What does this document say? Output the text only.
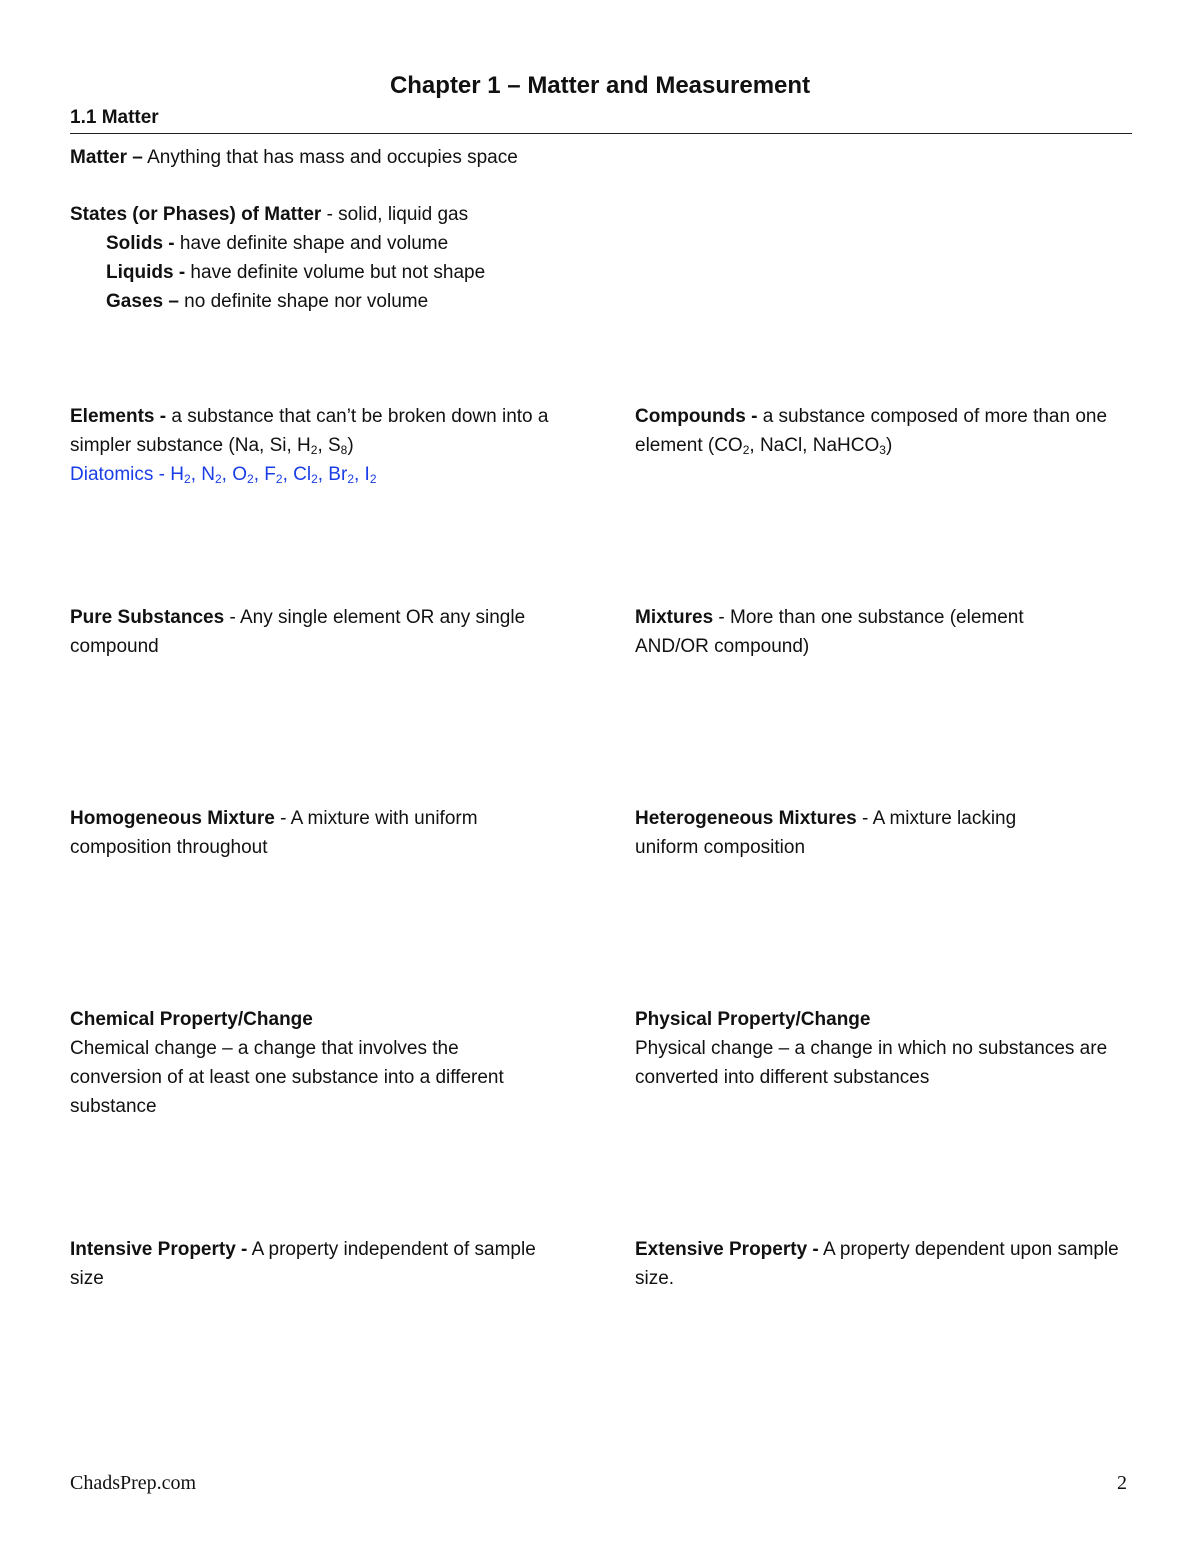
Chapter 1 – Matter and Measurement
1.1 Matter
Matter – Anything that has mass and occupies space
States (or Phases) of Matter - solid, liquid gas
Solids - have definite shape and volume
Liquids - have definite volume but not shape
Gases – no definite shape nor volume
Elements - a substance that can’t be broken down into a simpler substance (Na, Si, $H_2$, $S_8$)
Diatomics - $H_2$, $N_2$, $O_2$, $F_2$, $Cl_2$, $Br_2$, $I_2$
Compounds - a substance composed of more than one element ($CO_2$, NaCl, NaHCO$_3$)
Pure Substances - Any single element OR any single compound
Mixtures - More than one substance (element AND/OR compound)
Homogeneous Mixture - A mixture with uniform composition throughout
Heterogeneous Mixtures - A mixture lacking uniform composition
Chemical Property/Change
Chemical change – a change that involves the conversion of at least one substance into a different substance
Physical Property/Change
Physical change – a change in which no substances are converted into different substances
Intensive Property - A property independent of sample size
Extensive Property - A property dependent upon sample size.
ChadsPrep.com	2
